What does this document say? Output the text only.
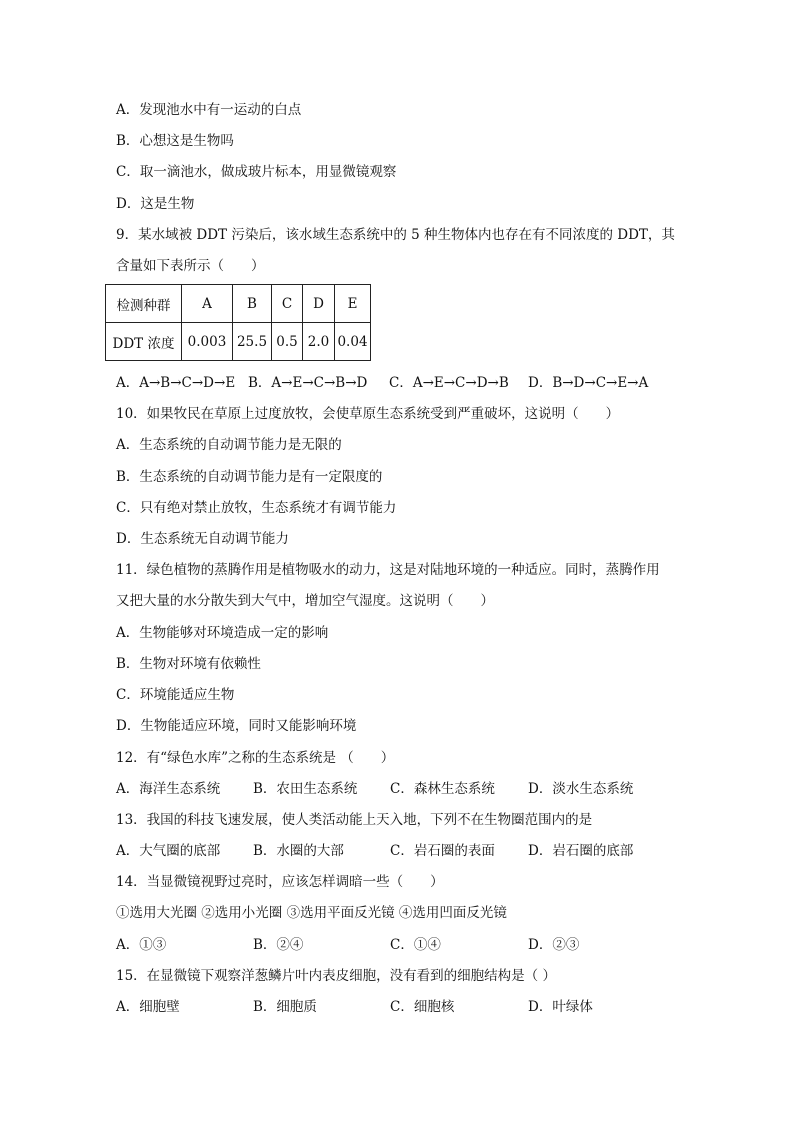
A．发现池水中有一运动的白点
B．心想这是生物吗
C．取一滴池水，做成玻片标本，用显微镜观察
D．这是生物
9．某水域被 DDT 污染后，该水域生态系统中的 5 种生物体内也存在有不同浓度的 DDT，其
含量如下表所示（　　）
检测种群	A	B	C	D	E
DDT 浓度	0.003	25.5	0.5	2.0	0.04
A．A→B→C→D→E B．A→E→C→B→D C．A→E→C→D→B D．B→D→C→E→A
10．如果牧民在草原上过度放牧，会使草原生态系统受到严重破坏，这说明（　　）
A．生态系统的自动调节能力是无限的
B．生态系统的自动调节能力是有一定限度的
C．只有绝对禁止放牧，生态系统才有调节能力
D．生态系统无自动调节能力
11．绿色植物的蒸腾作用是植物吸水的动力，这是对陆地环境的一种适应。同时，蒸腾作用
又把大量的水分散失到大气中，增加空气湿度。这说明（　　）
A．生物能够对环境造成一定的影响
B．生物对环境有依赖性
C．环境能适应生物
D．生物能适应环境，同时又能影响环境
12．有“绿色水库”之称的生态系统是 （　　）
A．海洋生态系统 B．农田生态系统 C．森林生态系统 D．淡水生态系统
13．我国的科技飞速发展，使人类活动能上天入地，下列不在生物圈范围内的是
A．大气圈的底部 B．水圈的大部	C．岩石圈的表面 D．岩石圈的底部
14．当显微镜视野过亮时，应该怎样调暗一些（　　）
①选用大光圈 ②选用小光圈 ③选用平面反光镜 ④选用凹面反光镜
A．①③	B．②④	C．①④	D．②③
15．在显微镜下观察洋葱鳞片叶内表皮细胞，没有看到的细胞结构是（ ）
A．细胞壁	B．细胞质	C．细胞核	D．叶绿体
